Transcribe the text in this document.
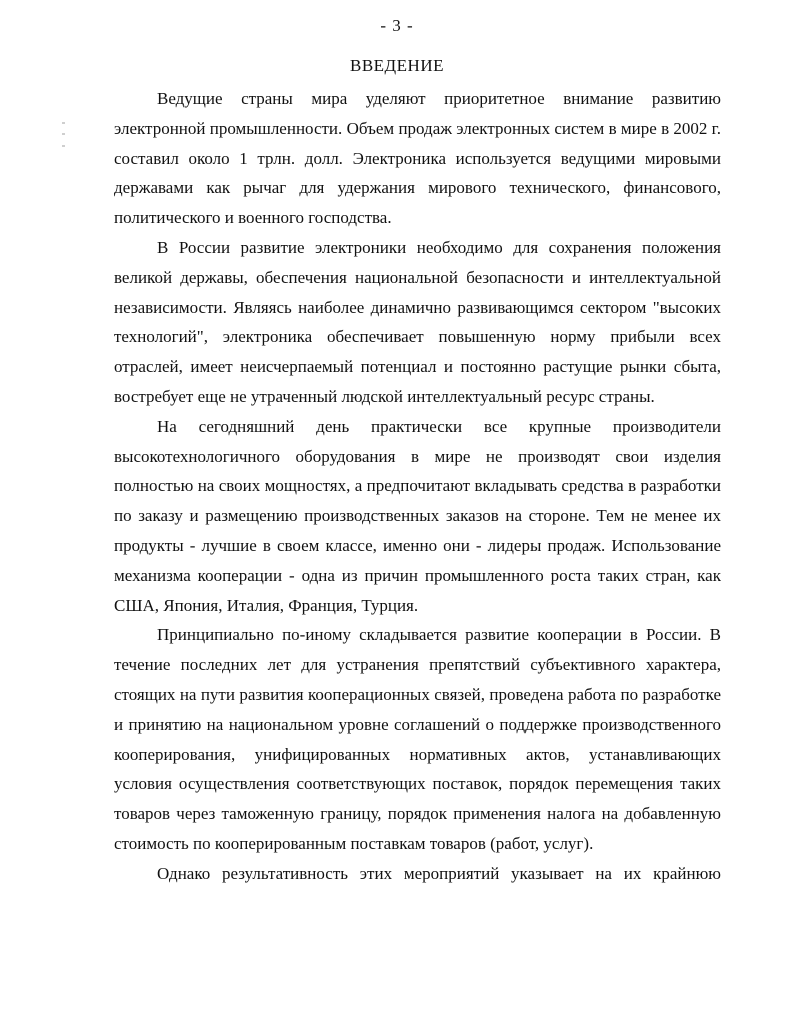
- 3 -
ВВЕДЕНИЕ

Ведущие страны мира уделяют приоритетное внимание развитию электронной промышленности. Объем продаж электронных систем в мире в 2002 г. составил около 1 трлн. долл. Электроника используется ведущими мировыми державами как рычаг для удержания мирового технического, финансового, политического и военного господства.

В России развитие электроники необходимо для сохранения положения великой державы, обеспечения национальной безопасности и интеллектуальной независимости. Являясь наиболее динамично развивающимся сектором "высоких технологий", электроника обеспечивает повышенную норму прибыли всех отраслей, имеет неисчерпаемый потенциал и постоянно растущие рынки сбыта, востребует еще не утраченный людской интеллектуальный ресурс страны.

На сегодняшний день практически все крупные производители высокотехнологичного оборудования в мире не производят свои изделия полностью на своих мощностях, а предпочитают вкладывать средства в разработки по заказу и размещению производственных заказов на стороне. Тем не менее их продукты - лучшие в своем классе, именно они - лидеры продаж. Использование механизма кооперации - одна из причин промышленного роста таких стран, как США, Япония, Италия, Франция, Турция.

Принципиально по-иному складывается развитие кооперации в России. В течение последних лет для устранения препятствий субъективного характера, стоящих на пути развития кооперационных связей, проведена работа по разработке и принятию на национальном уровне соглашений о поддержке производственного кооперирования, унифицированных нормативных актов, устанавливающих условия осуществления соответствующих поставок, порядок перемещения таких товаров через таможенную границу, порядок применения налога на добавленную стоимость по кооперированным поставкам товаров (работ, услуг).

Однако результативность этих мероприятий указывает на их крайнюю
